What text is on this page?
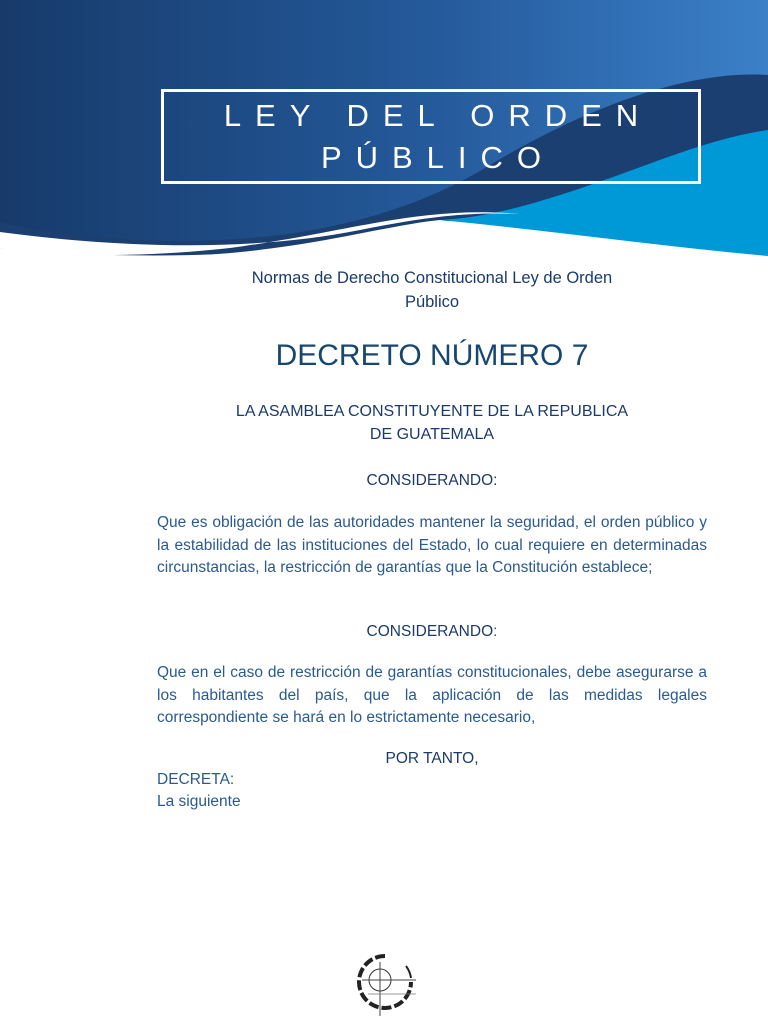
LEY DEL ORDEN
PÚBLICO
Normas de Derecho Constitucional Ley de Orden
Público
DECRETO NÚMERO 7
LA ASAMBLEA CONSTITUYENTE DE LA REPUBLICA
DE GUATEMALA
CONSIDERANDO:
Que es obligación de las autoridades mantener la seguridad, el orden público y la estabilidad de las instituciones del Estado, lo cual requiere en determinadas circunstancias, la restricción de garantías que la Constitución establece;
CONSIDERANDO:
Que en el caso de restricción de garantías constitucionales, debe asegurarse a los habitantes del país, que la aplicación de las medidas legales correspondiente se hará en lo estrictamente necesario,
POR TANTO,
DECRETA:
La siguiente
